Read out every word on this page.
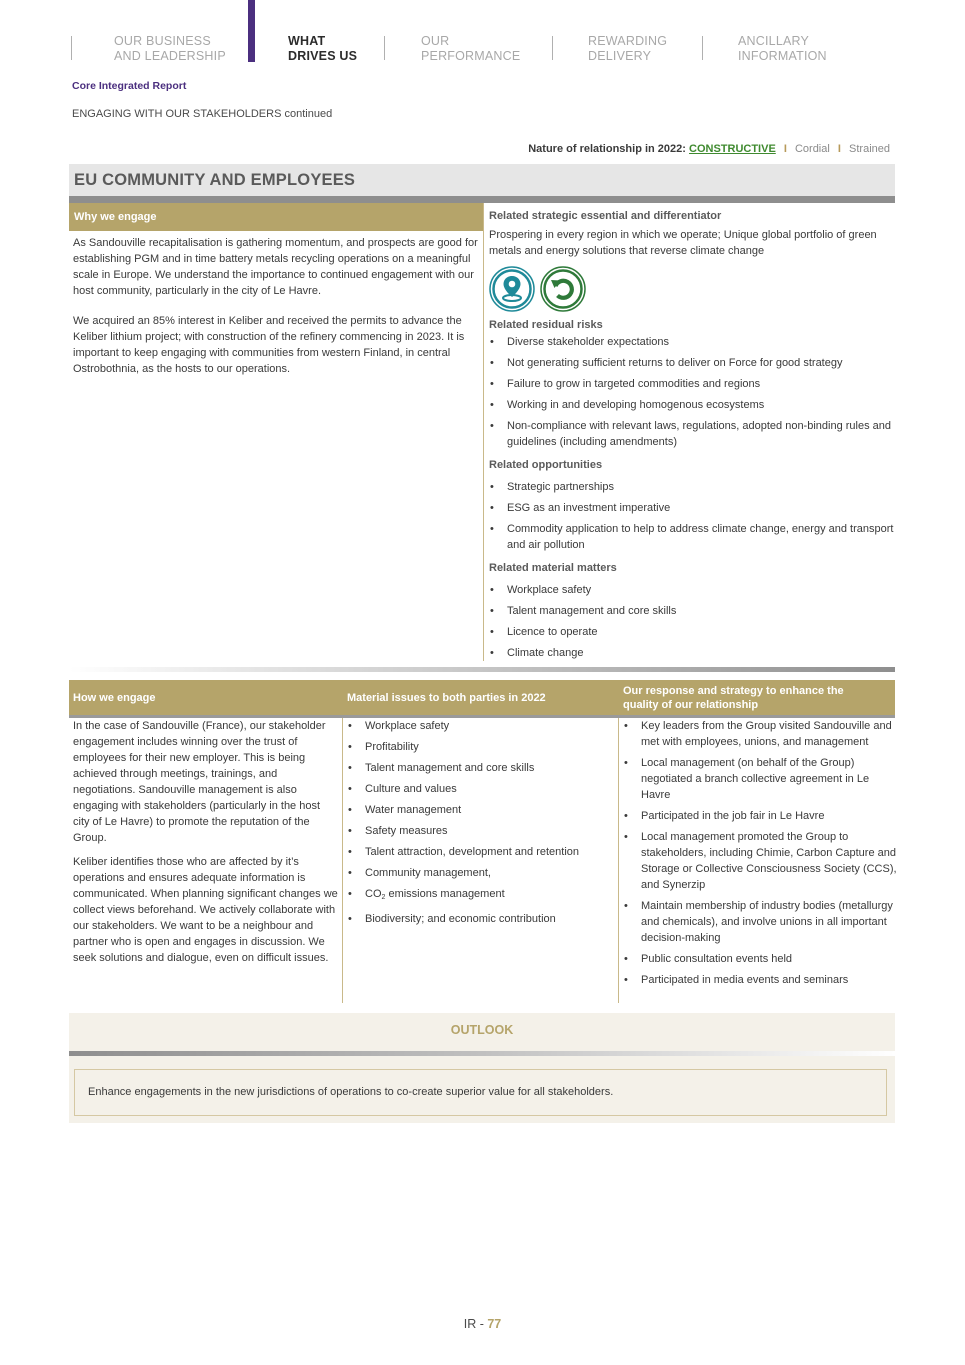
OUR BUSINESS
AND LEADERSHIP
WHAT
DRIVES US
OUR
PERFORMANCE
REWARDING
DELIVERY
ANCILLARY
INFORMATION
Core Integrated Report
ENGAGING WITH OUR STAKEHOLDERS continued
Nature of relationship in 2022: CONSTRUCTIVE I Cordial I Strained
EU COMMUNITY AND EMPLOYEES
Why we engage

As Sandouville recapitalisation is gathering momentum, and prospects are good for establishing PGM and in time battery metals recycling operations on a meaningful scale in Europe. We understand the importance to continued engagement with our host community, particularly in the city of Le Havre.

We acquired an 85% interest in Keliber and received the permits to advance the Keliber lithium project; with construction of the refinery commencing in 2023. It is important to keep engaging with communities from western Finland, in central Ostrobothnia, as the hosts to our operations.

Related strategic essential and differentiator

Prospering in every region in which we operate; Unique global portfolio of green metals and energy solutions that reverse climate change

Related residual risks

• Diverse stakeholder expectations
• Not generating sufficient returns to deliver on Force for good strategy
• Failure to grow in targeted commodities and regions
• Working in and developing homogenous ecosystems
• Non-compliance with relevant laws, regulations, adopted non-binding rules and guidelines (including amendments)

Related opportunities

• Strategic partnerships
• ESG as an investment imperative
• Commodity application to help to address climate change, energy and transport and air pollution

Related material matters

• Workplace safety
• Talent management and core skills
• Licence to operate
• Climate change
How we engage	Material issues to both parties in 2022
Our response and strategy to enhance the quality of our relationship

In the case of Sandouville (France), our stakeholder engagement includes winning over the trust of employees for their new employer. This is being achieved through meetings, trainings, and negotiations. Sandouville management is also engaging with stakeholders (particularly in the host city of Le Havre) to promote the reputation of the Group.

Keliber identifies those who are affected by it’s operations and ensures adequate information is communicated. When planning significant changes we collect views beforehand. We actively collaborate with our stakeholders. We want to be a neighbour and partner who is open and engages in discussion. We seek solutions and dialogue, even on difficult issues.

• Workplace safety
• Profitability
• Talent management and core skills
• Culture and values
• Water management
• Safety measures
• Talent attraction, development and retention
• Community management,
• $CO_2$ emissions management
• Biodiversity; and economic contribution
• Key leaders from the Group visited Sandouville and met with employees, unions, and management
• Local management (on behalf of the Group) negotiated a branch collective agreement in Le Havre
• Participated in the job fair in Le Havre
• Local management promoted the Group to stakeholders, including Chimie, Carbon Capture and Storage or Collective Consciousness Society (CCS), and Synerzip
• Maintain membership of industry bodies (metallurgy and chemicals), and involve unions in all important decision-making
• Public consultation events held
• Participated in media events and seminars
OUTLOOK
Enhance engagements in the new jurisdictions of operations to co-create superior value for all stakeholders.
IR - 77
